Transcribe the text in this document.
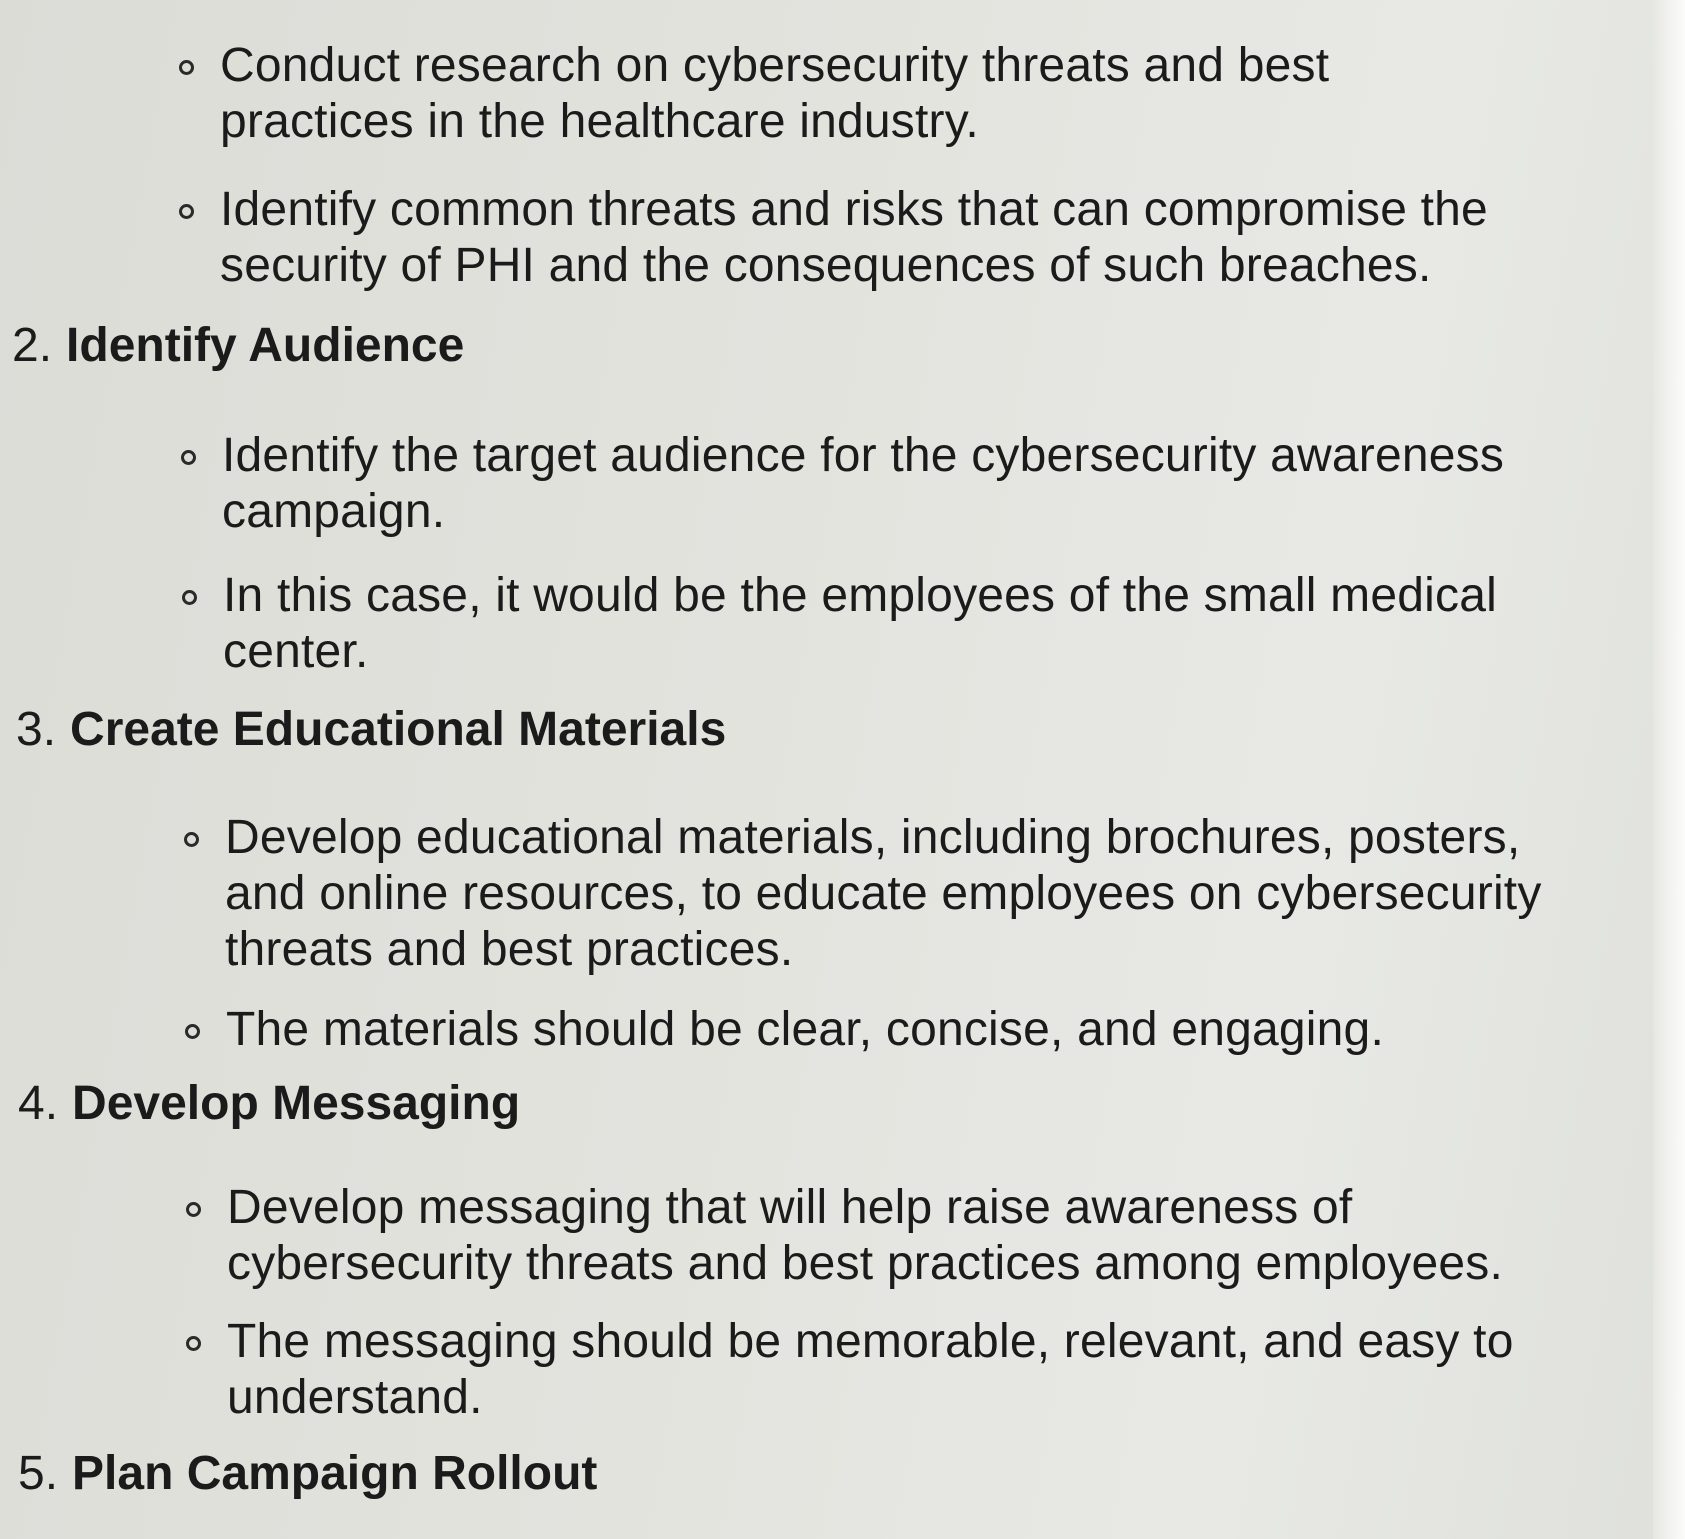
Conduct research on cybersecurity threats and best practices in the healthcare industry.
Identify common threats and risks that can compromise the security of PHI and the consequences of such breaches.
2. Identify Audience
Identify the target audience for the cybersecurity awareness campaign.
In this case, it would be the employees of the small medical center.
3. Create Educational Materials
Develop educational materials, including brochures, posters, and online resources, to educate employees on cybersecurity threats and best practices.
The materials should be clear, concise, and engaging.
4. Develop Messaging
Develop messaging that will help raise awareness of cybersecurity threats and best practices among employees.
The messaging should be memorable, relevant, and easy to understand.
5. Plan Campaign Rollout
